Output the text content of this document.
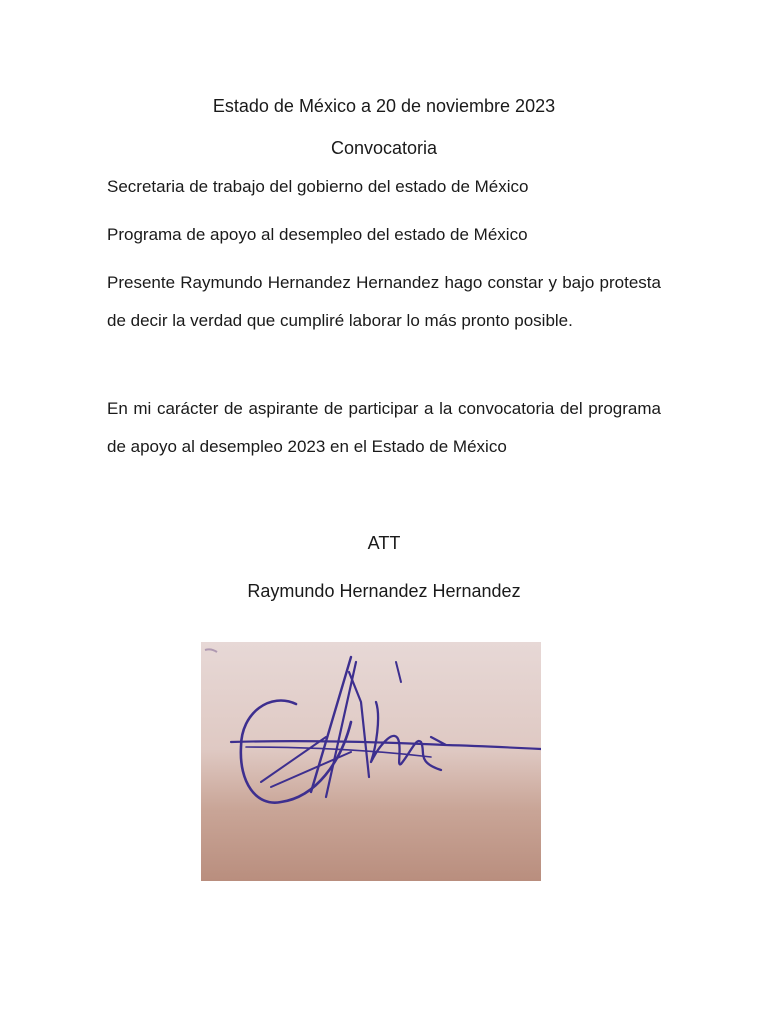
Estado de México a 20 de noviembre 2023
Convocatoria
Secretaria de trabajo del gobierno del estado de México
Programa de apoyo al desempleo del estado de México
Presente Raymundo Hernandez Hernandez hago constar y bajo protesta de decir la verdad que cumpliré laborar lo más pronto posible.
En mi carácter de aspirante de participar a la convocatoria del programa de apoyo al desempleo 2023 en el Estado de México
ATT
Raymundo Hernandez Hernandez
